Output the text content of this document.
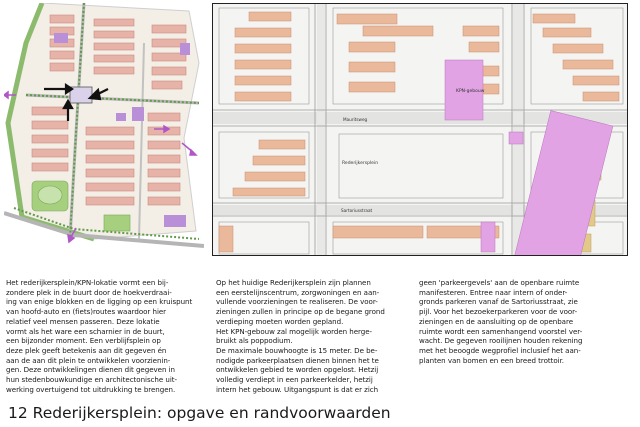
KPN-gebouw
Mauritsweg
Rederijkersplein
Sartoriusstraat

Het rederijkersplein/KPN-lokatie vormt een bij-

zondere plek in de buurt door de hoekverdraai-

ing van enige blokken en de ligging op een kruispunt

van hoofd-auto en (fiets)routes waardoor hier

relatief veel mensen passeren. Deze lokatie

vormt als het ware een scharnier in de buurt,

een bijzonder moment. Een verblijfsplein op

deze plek geeft betekenis aan dit gegeven én

aan de aan dit plein te ontwikkelen voorzienin-

gen. Deze ontwikkelingen dienen dit gegeven in

hun stedenbouwkundige en architectonische uit-

werking overtuigend tot uitdrukking te brengen.

Op het huidige Rederijkersplein zijn plannen

een eerstelijnscentrum, zorgwoningen en aan-

vullende voorzieningen te realiseren. De voor-

zieningen zullen in principe op de begane grond

verdieping moeten worden gepland.

Het KPN-gebouw zal mogelijk worden herge-

bruikt als poppodium.

De maximale bouwhoogte is 15 meter. De be-

nodigde parkeerplaatsen dienen binnen het te

ontwikkelen gebied te worden opgelost. Hetzij

volledig verdiept in een parkeerkelder, hetzij

intern het gebouw. Uitgangspunt is dat er zich

geen 'parkeergevels' aan de openbare ruimte

manifesteren. Entree naar intern of onder-

gronds parkeren vanaf de Sartoriusstraat, zie

pijl. Voor het bezoekerparkeren voor de voor-

zieningen en de aansluiting op de openbare

ruimte wordt een samenhangend voorstel ver-

wacht. De gegeven rooilijnen houden rekening

met het beoogde wegprofiel inclusief het aan-

planten van bomen en een breed trottoir.

12 Rederijkersplein: opgave en randvoorwaarden
